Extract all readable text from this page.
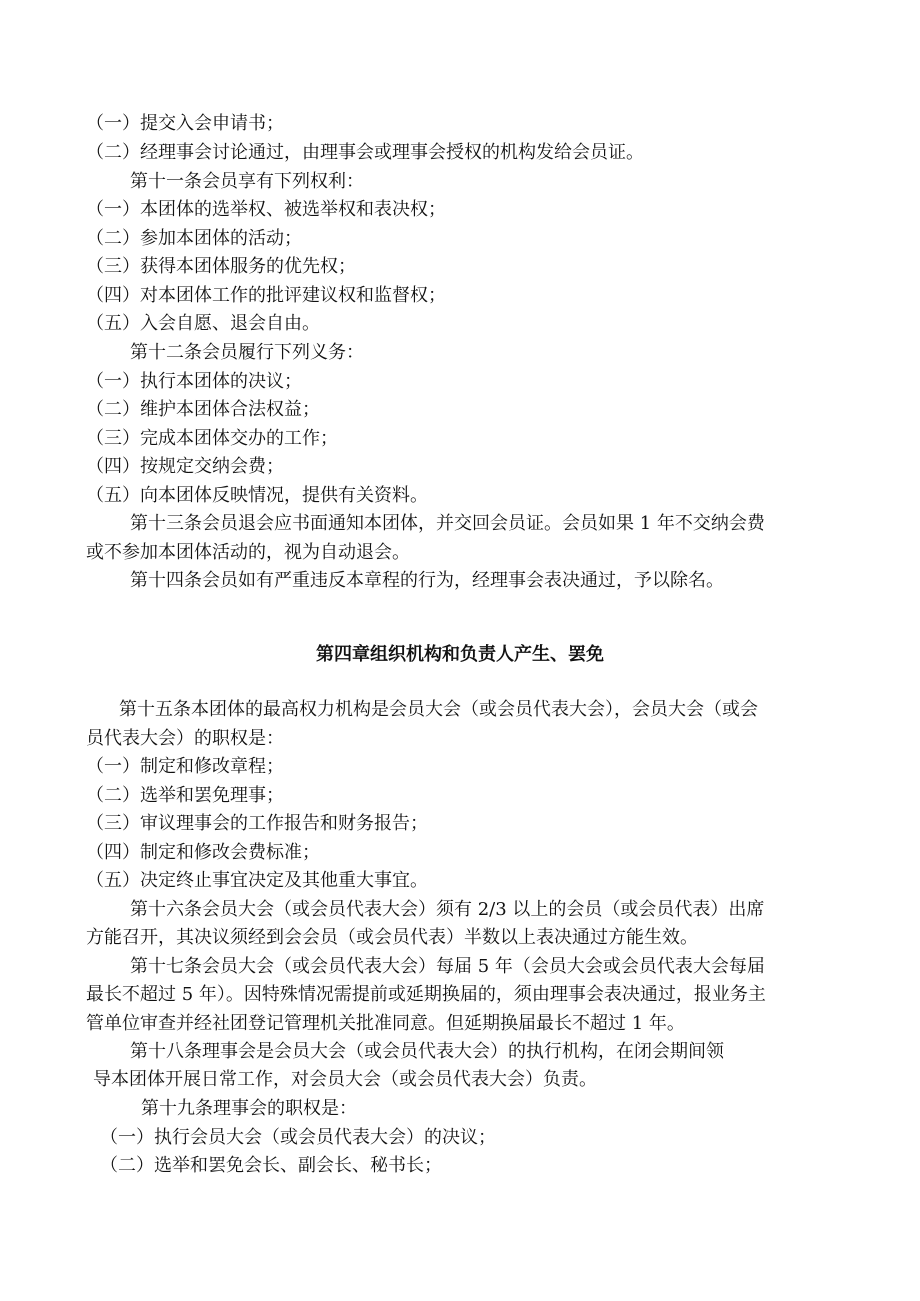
（一）提交入会申请书；

（二）经理事会讨论通过，由理事会或理事会授权的机构发给会员证。

第十一条会员享有下列权利：

（一）本团体的选举权、被选举权和表决权；

（二）参加本团体的活动；

（三）获得本团体服务的优先权；

（四）对本团体工作的批评建议权和监督权；

（五）入会自愿、退会自由。

第十二条会员履行下列义务：

（一）执行本团体的决议；

（二）维护本团体合法权益；

（三）完成本团体交办的工作；

（四）按规定交纳会费；

（五）向本团体反映情况，提供有关资料。

第十三条会员退会应书面通知本团体，并交回会员证。会员如果 1 年不交纳会费

或不参加本团体活动的，视为自动退会。

第十四条会员如有严重违反本章程的行为，经理事会表决通过，予以除名。

第四章组织机构和负责人产生、罢免

第十五条本团体的最高权力机构是会员大会（或会员代表大会），会员大会（或会

员代表大会）的职权是：

（一）制定和修改章程；

（二）选举和罢免理事；

（三）审议理事会的工作报告和财务报告；

（四）制定和修改会费标准；

（五）决定终止事宜决定及其他重大事宜。

第十六条会员大会（或会员代表大会）须有 2/3 以上的会员（或会员代表）出席

方能召开，其决议须经到会会员（或会员代表）半数以上表决通过方能生效。

第十七条会员大会（或会员代表大会）每届 5 年（会员大会或会员代表大会每届

最长不超过 5 年）。因特殊情况需提前或延期换届的，须由理事会表决通过，报业务主

管单位审查并经社团登记管理机关批准同意。但延期换届最长不超过 1 年。

第十八条理事会是会员大会（或会员代表大会）的执行机构，在闭会期间领

导本团体开展日常工作，对会员大会（或会员代表大会）负责。

第十九条理事会的职权是：

（一）执行会员大会（或会员代表大会）的决议；

（二）选举和罢免会长、副会长、秘书长；
